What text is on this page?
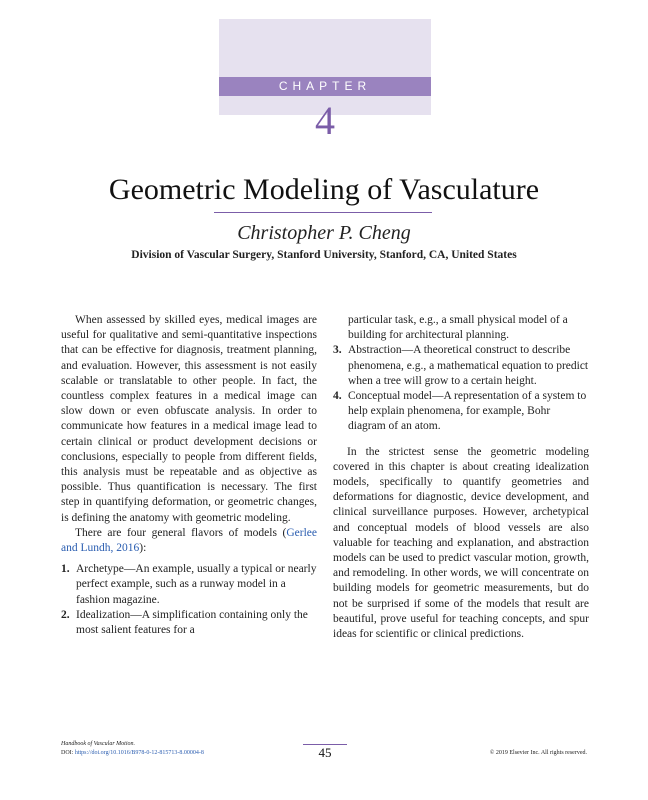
CHAPTER
4
Geometric Modeling of Vasculature
Christopher P. Cheng
Division of Vascular Surgery, Stanford University, Stanford, CA, United States

When assessed by skilled eyes, medical images are useful for qualitative and semi-quantitative inspections that can be effective for diagnosis, treatment planning, and evaluation. However, this assessment is not easily scalable or translatable to other people. In fact, the countless complex features in a medical image can slow down or even obfuscate analysis. In order to communicate how features in a medical image lead to certain clinical or product development decisions or conclusions, especially to people from different fields, this analysis must be repeatable and as objective as possible. Thus quantification is necessary. The first step in quantifying deformation, or geometric changes, is defining the anatomy with geometric modeling.

There are four general flavors of models (Gerlee and Lundh, 2016):

1. Archetype—An example, usually a typical or nearly perfect example, such as a runway model in a fashion magazine.
2. Idealization—A simplification containing only the most salient features for a
particular task, e.g., a small physical model of a building for architectural planning.
3. Abstraction—A theoretical construct to describe phenomena, e.g., a mathematical equation to predict when a tree will grow to a certain height.
4. Conceptual model—A representation of a system to help explain phenomena, for example, Bohr diagram of an atom.

In the strictest sense the geometric modeling covered in this chapter is about creating idealization models, specifically to quantify geometries and deformations for diagnostic, device development, and clinical surveillance purposes. However, archetypical and conceptual models of blood vessels are also valuable for teaching and explanation, and abstraction models can be used to predict vascular motion, growth, and remodeling. In other words, we will concentrate on building models for geometric measurements, but do not be surprised if some of the models that result are beautiful, prove useful for teaching concepts, and spur ideas for scientific or clinical predictions.

Handbook of Vascular Motion.
DOI: https://doi.org/10.1016/B978-0-12-815713-8.00004-8	45	© 2019 Elsevier Inc. All rights reserved.
